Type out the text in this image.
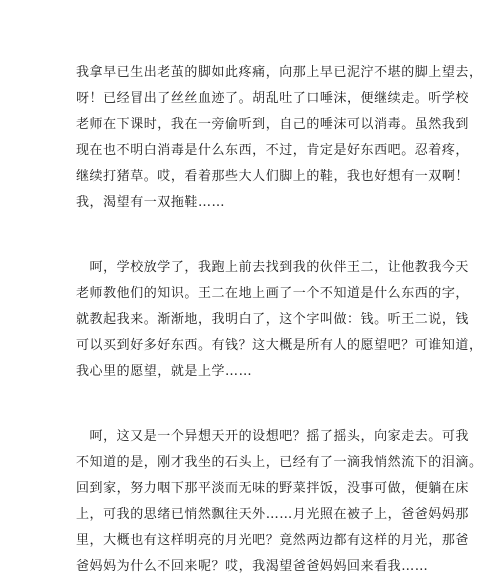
我拿早已生出老茧的脚如此疼痛，向那上早已泥泞不堪的脚上望去，
呀！已经冒出了丝丝血迹了。胡乱吐了口唾沫，便继续走。听学校
老师在下课时，我在一旁偷听到，自己的唾沫可以消毒。虽然我到
现在也不明白消毒是什么东西，不过，肯定是好东西吧。忍着疼，
继续打猪草。哎，看着那些大人们脚上的鞋，我也好想有一双啊！
我，渴望有一双拖鞋……
　呵，学校放学了，我跑上前去找到我的伙伴王二，让他教我今天
老师教他们的知识。王二在地上画了一个不知道是什么东西的字，
就教起我来。渐渐地，我明白了，这个字叫做：钱。听王二说，钱
可以买到好多好东西。有钱？这大概是所有人的愿望吧？可谁知道，
我心里的愿望，就是上学……
　呵，这又是一个异想天开的设想吧？摇了摇头，向家走去。可我
不知道的是，刚才我坐的石头上，已经有了一滴我悄然流下的泪滴。
回到家，努力咽下那平淡而无味的野菜拌饭，没事可做，便躺在床
上，可我的思绪已悄然飘往天外……月光照在被子上，爸爸妈妈那
里，大概也有这样明亮的月光吧？竟然两边都有这样的月光，那爸
爸妈妈为什么不回来呢？哎，我渴望爸爸妈妈回来看我……
